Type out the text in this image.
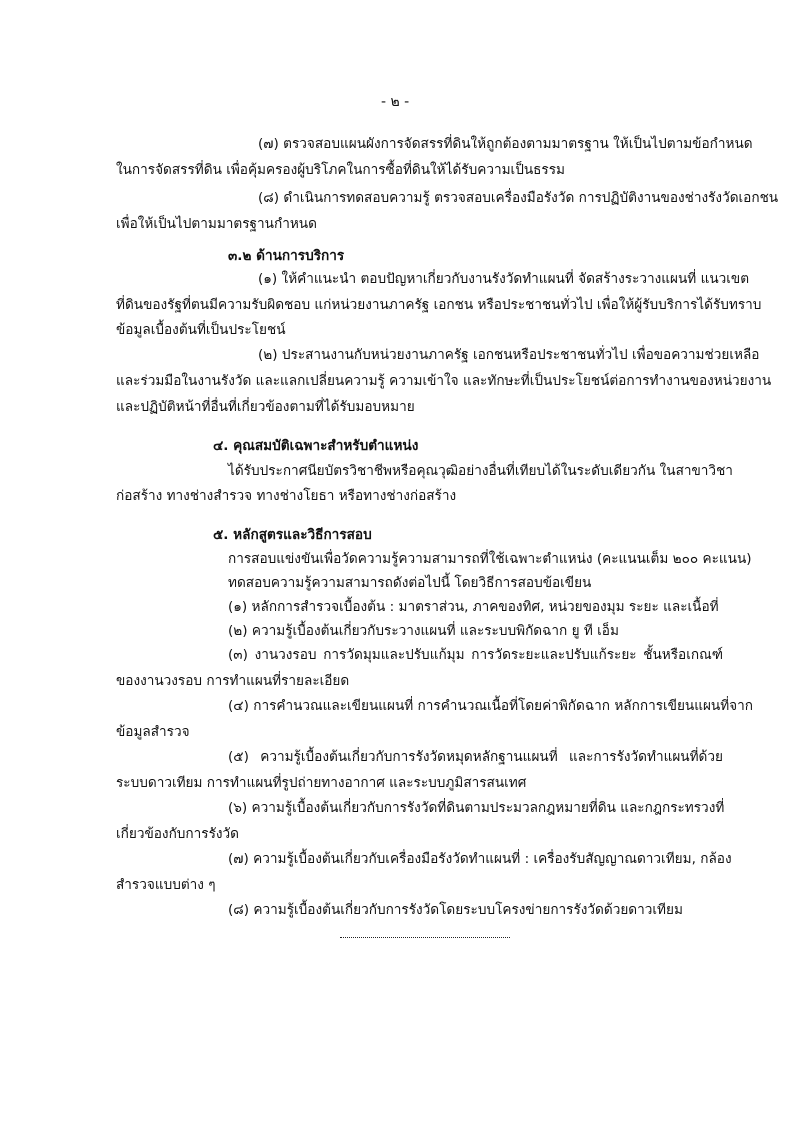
- ๒ -
(๗) ตรวจสอบแผนผังการจัดสรรที่ดินให้ถูกต้องตามมาตรฐาน ให้เป็นไปตามข้อกำหนด
ในการจัดสรรที่ดิน เพื่อคุ้มครองผู้บริโภคในการซื้อที่ดินให้ได้รับความเป็นธรรม
(๘) ดำเนินการทดสอบความรู้ ตรวจสอบเครื่องมือรังวัด การปฏิบัติงานของช่างรังวัดเอกชน
เพื่อให้เป็นไปตามมาตรฐานกำหนด
๓.๒ ด้านการบริการ
(๑) ให้คำแนะนำ ตอบปัญหาเกี่ยวกับงานรังวัดทำแผนที่ จัดสร้างระวางแผนที่ แนวเขต
ที่ดินของรัฐที่ตนมีความรับผิดชอบ แก่หน่วยงานภาครัฐ เอกชน หรือประชาชนทั่วไป เพื่อให้ผู้รับบริการได้รับทราบ
ข้อมูลเบื้องต้นที่เป็นประโยชน์
(๒) ประสานงานกับหน่วยงานภาครัฐ เอกชนหรือประชาชนทั่วไป เพื่อขอความช่วยเหลือ
และร่วมมือในงานรังวัด และแลกเปลี่ยนความรู้ ความเข้าใจ และทักษะที่เป็นประโยชน์ต่อการทำงานของหน่วยงาน
และปฏิบัติหน้าที่อื่นที่เกี่ยวข้องตามที่ได้รับมอบหมาย
๔. คุณสมบัติเฉพาะสำหรับตำแหน่ง
ได้รับประกาศนียบัตรวิชาชีพหรือคุณวุฒิอย่างอื่นที่เทียบได้ในระดับเดียวกัน ในสาขาวิชา
ก่อสร้าง ทางช่างสำรวจ ทางช่างโยธา หรือทางช่างก่อสร้าง
๕. หลักสูตรและวิธีการสอบ
การสอบแข่งขันเพื่อวัดความรู้ความสามารถที่ใช้เฉพาะตำแหน่ง (คะแนนเต็ม ๒๐๐ คะแนน)
ทดสอบความรู้ความสามารถดังต่อไปนี้ โดยวิธีการสอบข้อเขียน
(๑) หลักการสำรวจเบื้องต้น : มาตราส่วน, ภาคของทิศ, หน่วยของมุม ระยะ และเนื้อที่
(๒) ความรู้เบื้องต้นเกี่ยวกับระวางแผนที่ และระบบพิกัดฉาก ยู ที เอ็ม
(๓) งานวงรอบ การวัดมุมและปรับแก้มุม การวัดระยะและปรับแก้ระยะ ชั้นหรือเกณฑ์
ของงานวงรอบ การทำแผนที่รายละเอียด
(๔) การคำนวณและเขียนแผนที่ การคำนวณเนื้อที่โดยค่าพิกัดฉาก หลักการเขียนแผนที่จาก
ข้อมูลสำรวจ
(๕) ความรู้เบื้องต้นเกี่ยวกับการรังวัดหมุดหลักฐานแผนที่ และการรังวัดทำแผนที่ด้วย
ระบบดาวเทียม การทำแผนที่รูปถ่ายทางอากาศ และระบบภูมิสารสนเทศ
(๖) ความรู้เบื้องต้นเกี่ยวกับการรังวัดที่ดินตามประมวลกฎหมายที่ดิน และกฎกระทรวงที่
เกี่ยวข้องกับการรังวัด
(๗) ความรู้เบื้องต้นเกี่ยวกับเครื่องมือรังวัดทำแผนที่ : เครื่องรับสัญญาณดาวเทียม, กล้อง
สำรวจแบบต่าง ๆ
(๘) ความรู้เบื้องต้นเกี่ยวกับการรังวัดโดยระบบโครงข่ายการรังวัดด้วยดาวเทียม
